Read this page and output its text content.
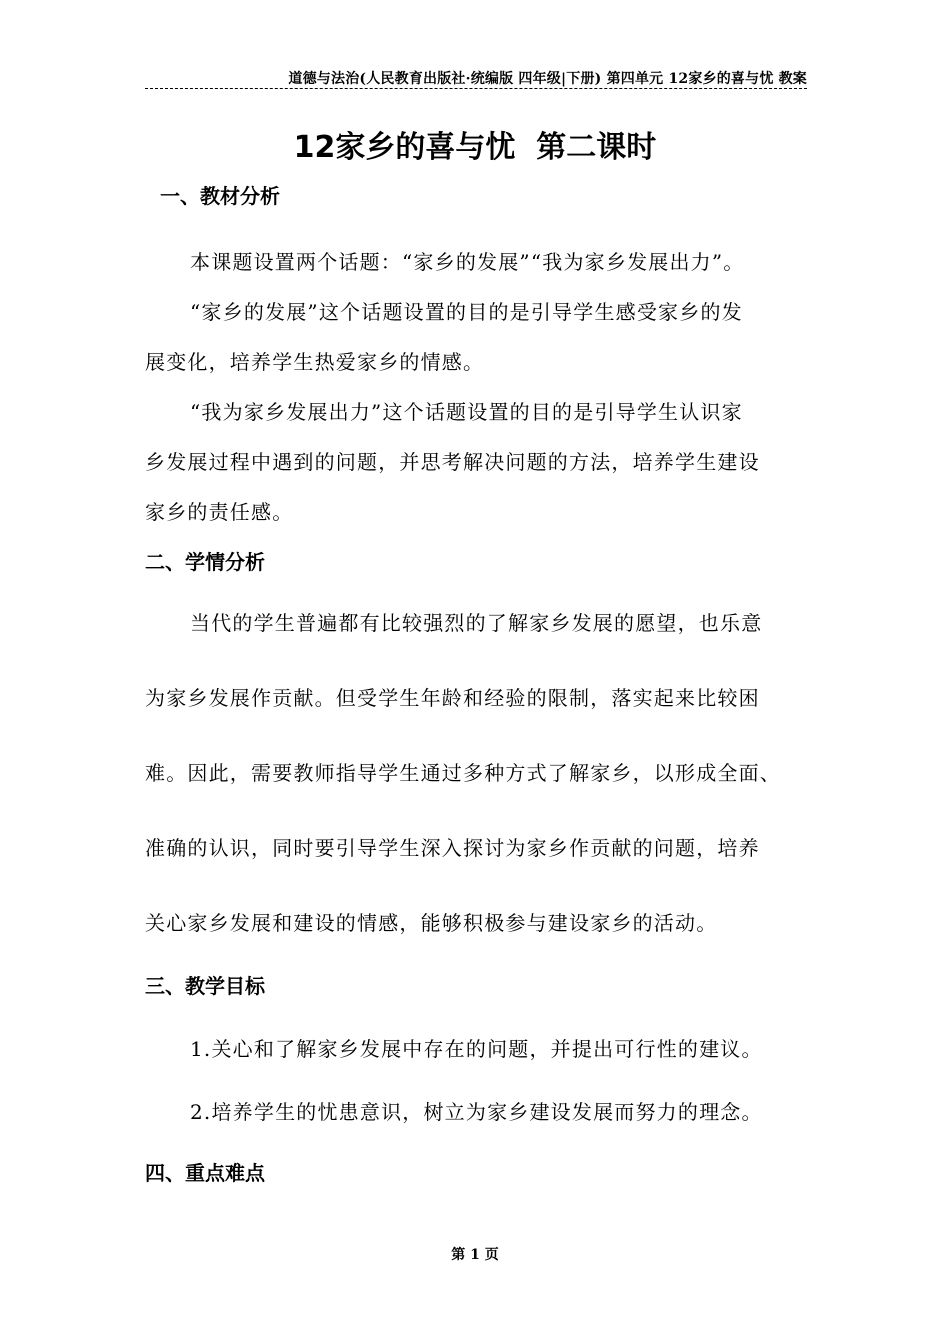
道德与法治(人民教育出版社·统编版 四年级|下册) 第四单元 12家乡的喜与忧 教案
12家乡的喜与忧  第二课时
一、教材分析
本课题设置两个话题：“家乡的发展”“我为家乡发展出力”。
“家乡的发展”这个话题设置的目的是引导学生感受家乡的发
展变化，培养学生热爱家乡的情感。
“我为家乡发展出力”这个话题设置的目的是引导学生认识家
乡发展过程中遇到的问题，并思考解决问题的方法，培养学生建设
家乡的责任感。
二、学情分析
当代的学生普遍都有比较强烈的了解家乡发展的愿望，也乐意
为家乡发展作贡献。但受学生年龄和经验的限制，落实起来比较困
难。因此，需要教师指导学生通过多种方式了解家乡，以形成全面、
准确的认识，同时要引导学生深入探讨为家乡作贡献的问题，培养
关心家乡发展和建设的情感，能够积极参与建设家乡的活动。
三、教学目标
1.关心和了解家乡发展中存在的问题，并提出可行性的建议。
2.培养学生的忧患意识，树立为家乡建设发展而努力的理念。
四、重点难点
第 1 页
